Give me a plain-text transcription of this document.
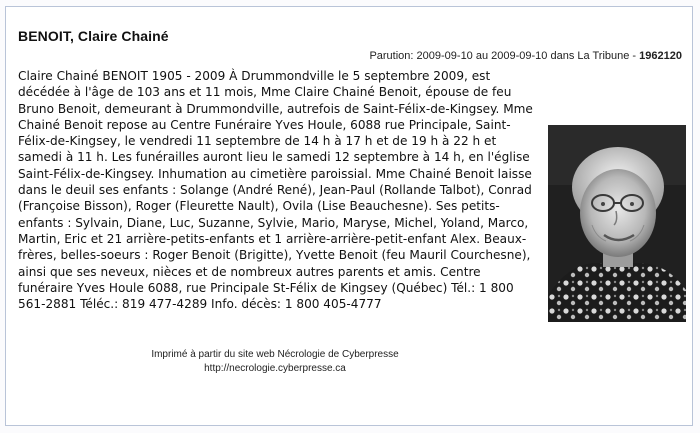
BENOIT, Claire Chainé
Parution: 2009-09-10 au 2009-09-10 dans La Tribune - 1962120
Claire Chainé BENOIT 1905 - 2009 À Drummondville le 5 septembre 2009, est décédée à l'âge de 103 ans et 11 mois, Mme Claire Chainé Benoit, épouse de feu Bruno Benoit, demeurant à Drummondville, autrefois de Saint-Félix-de-Kingsey. Mme Chainé Benoit repose au Centre Funéraire Yves Houle, 6088 rue Principale, Saint-Félix-de-Kingsey, le vendredi 11 septembre de 14 h à 17 h et de 19 h à 22 h et samedi à 11 h. Les funérailles auront lieu le samedi 12 septembre à 14 h, en l'église Saint-Félix-de-Kingsey. Inhumation au cimetière paroissial. Mme Chainé Benoit laisse dans le deuil ses enfants : Solange (André René), Jean-Paul (Rollande Talbot), Conrad (Françoise Bisson), Roger (Fleurette Nault), Ovila (Lise Beauchesne). Ses petits-enfants : Sylvain, Diane, Luc, Suzanne, Sylvie, Mario, Maryse, Michel, Yoland, Marco, Martin, Eric et 21 arrière-petits-enfants et 1 arrière-arrière-petit-enfant Alex. Beaux-frères, belles-soeurs : Roger Benoit (Brigitte), Yvette Benoit (feu Mauril Courchesne), ainsi que ses neveux, nièces et de nombreux autres parents et amis. Centre funéraire Yves Houle 6088, rue Principale St-Félix de Kingsey (Québec) Tél.: 1 800 561-2881 Téléc.: 819 477-4289 Info. décès: 1 800 405-4777
Imprimé à partir du site web Nécrologie de Cyberpresse
http://necrologie.cyberpresse.ca
